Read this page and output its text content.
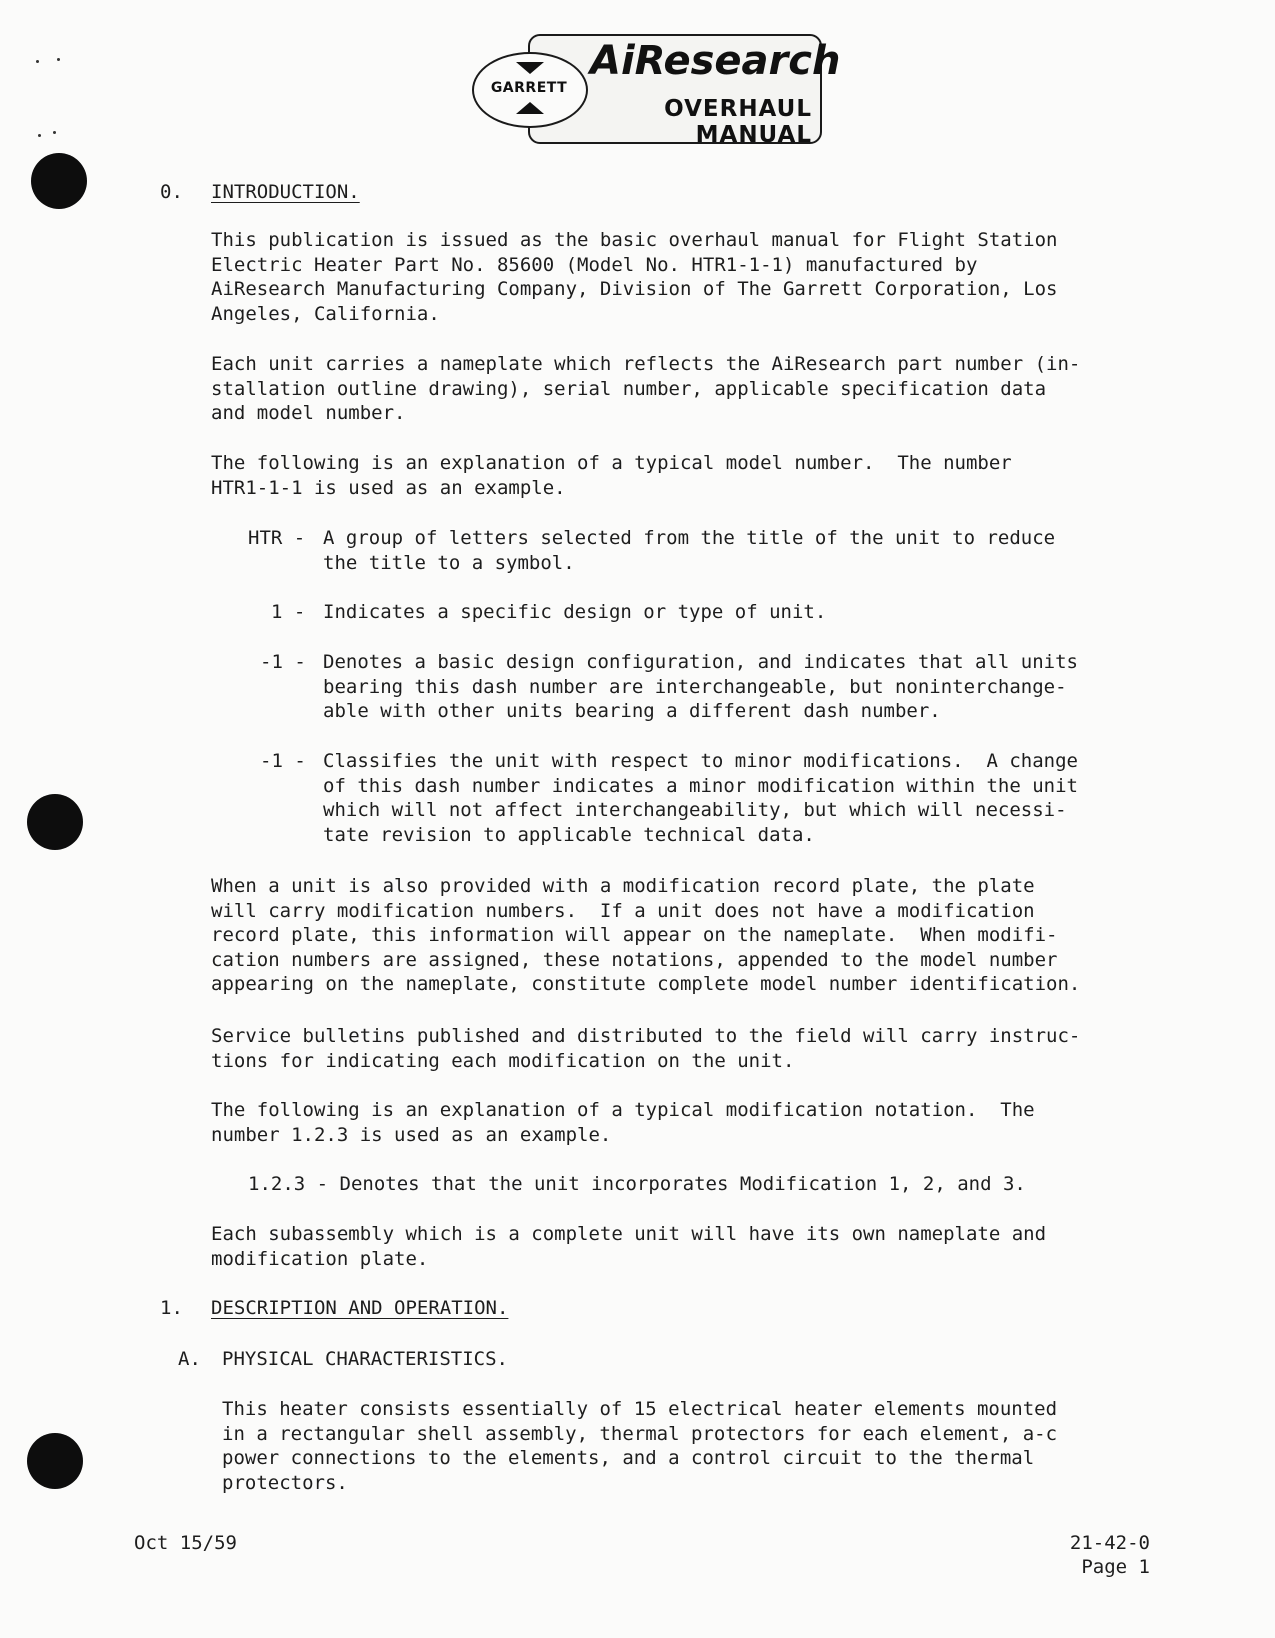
GARRETT
AiResearch
OVERHAUL MANUAL
0. INTRODUCTION.
This publication is issued as the basic overhaul manual for Flight Station
Electric Heater Part No. 85600 (Model No. HTR1-1-1) manufactured by
AiResearch Manufacturing Company, Division of The Garrett Corporation, Los
Angeles, California.
Each unit carries a nameplate which reflects the AiResearch part number (in-
stallation outline drawing), serial number, applicable specification data
and model number.
The following is an explanation of a typical model number.  The number
HTR1-1-1 is used as an example.
HTR - A group of letters selected from the title of the unit to reduce
the title to a symbol.
1 - Indicates a specific design or type of unit.
-1 - Denotes a basic design configuration, and indicates that all units
bearing this dash number are interchangeable, but noninterchange-
able with other units bearing a different dash number.
-1 - Classifies the unit with respect to minor modifications.  A change
of this dash number indicates a minor modification within the unit
which will not affect interchangeability, but which will necessi-
tate revision to applicable technical data.
When a unit is also provided with a modification record plate, the plate
will carry modification numbers.  If a unit does not have a modification
record plate, this information will appear on the nameplate.  When modifi-
cation numbers are assigned, these notations, appended to the model number
appearing on the nameplate, constitute complete model number identification.
Service bulletins published and distributed to the field will carry instruc-
tions for indicating each modification on the unit.
The following is an explanation of a typical modification notation.  The
number 1.2.3 is used as an example.
1.2.3 - Denotes that the unit incorporates Modification 1, 2, and 3.
Each subassembly which is a complete unit will have its own nameplate and
modification plate.
1. DESCRIPTION AND OPERATION.
A. PHYSICAL CHARACTERISTICS.
This heater consists essentially of 15 electrical heater elements mounted
in a rectangular shell assembly, thermal protectors for each element, a-c
power connections to the elements, and a control circuit to the thermal
protectors.
Oct 15/59	21-42-0
Page 1
